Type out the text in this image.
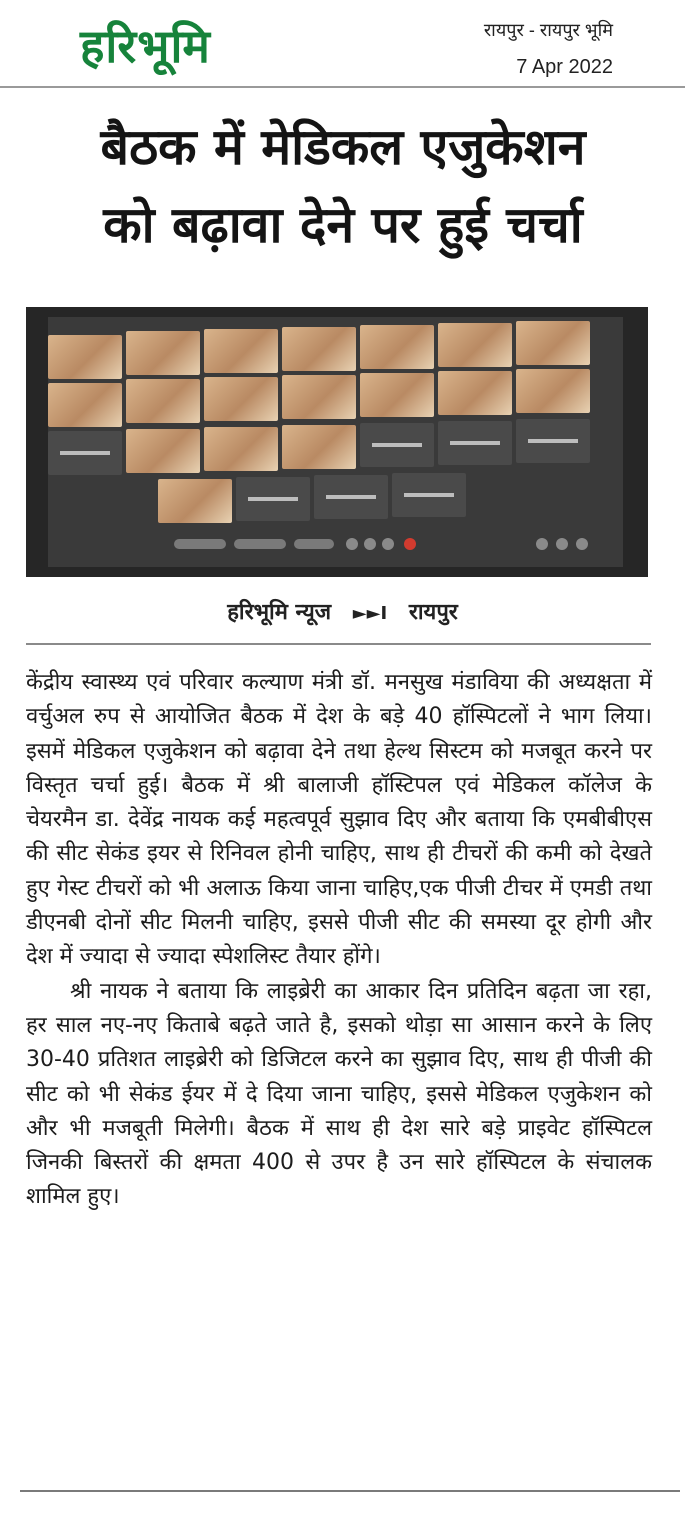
हरिभूमि	रायपुर - रायपुर भूमि
7 Apr 2022
बैठक में मेडिकल एजुकेशन
को बढ़ावा देने पर हुई चर्चा
हरिभूमि न्यूज ►►I रायपुर

केंद्रीय स्वास्थ्य एवं परिवार कल्याण मंत्री डॉ. मनसुख मंडाविया की अध्यक्षता में वर्चुअल रुप से आयोजित बैठक में देश के बड़े 40 हॉस्पिटलों ने भाग लिया। इसमें मेडिकल एजुकेशन को बढ़ावा देने तथा हेल्थ सिस्टम को मजबूत करने पर विस्तृत चर्चा हुई। बैठक में श्री बालाजी हॉस्टिपल एवं मेडिकल कॉलेज के चेयरमैन डा. देवेंद्र नायक कई महत्वपूर्व सुझाव दिए और बताया कि एमबीबीएस की सीट सेकंड इयर से रिनिवल होनी चाहिए, साथ ही टीचरों की कमी को देखते हुए गेस्ट टीचरों को भी अलाऊ किया जाना चाहिए,एक पीजी टीचर में एमडी तथा डीएनबी दोनों सीट मिलनी चाहिए, इससे पीजी सीट की समस्या दूर होगी और देश में ज्यादा से ज्यादा स्पेशलिस्ट तैयार होंगे।

श्री नायक ने बताया कि लाइब्रेरी का आकार दिन प्रतिदिन बढ़ता जा रहा, हर साल नए-नए किताबे बढ़ते जाते है, इसको थोड़ा सा आसान करने के लिए 30-40 प्रतिशत लाइब्रेरी को डिजिटल करने का सुझाव दिए, साथ ही पीजी की सीट को भी सेकंड ईयर में दे दिया जाना चाहिए, इससे मेडिकल एजुकेशन को और भी मजबूती मिलेगी। बैठक में साथ ही देश सारे बड़े प्राइवेट हॉस्पिटल जिनकी बिस्तरों की क्षमता 400 से उपर है उन सारे हॉस्पिटल के संचालक शामिल हुए।
